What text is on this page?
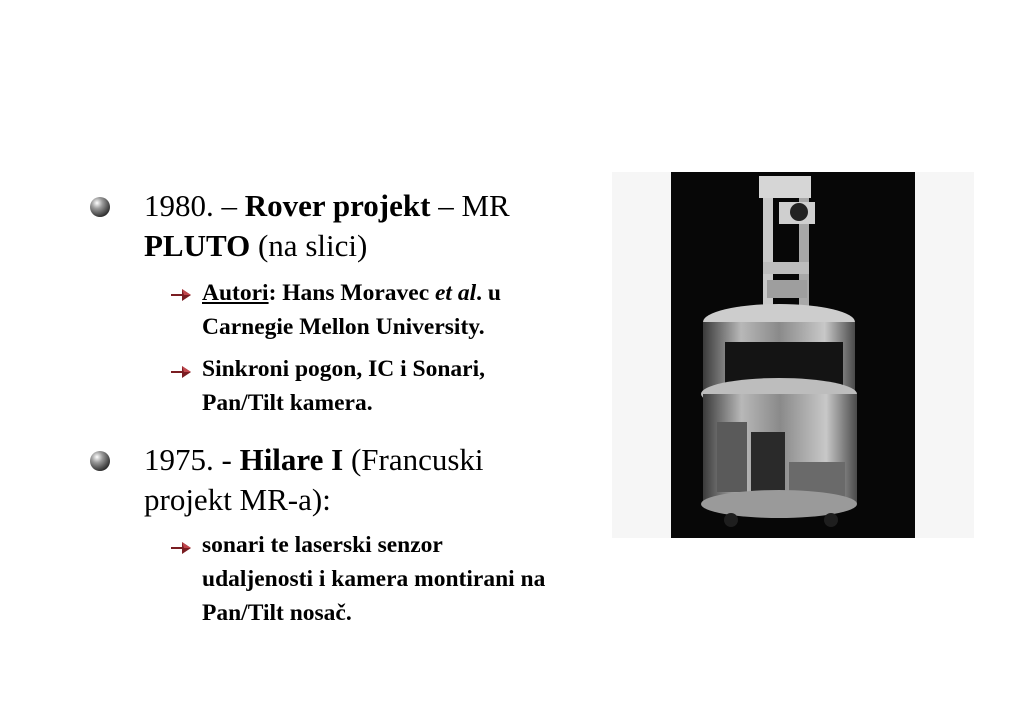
1980. – Rover projekt – MR
PLUTO (na slici)
Autori: Hans Moravec et al. u
Carnegie Mellon University.
Sinkroni pogon, IC i Sonari,
Pan/Tilt kamera.
1975. - Hilare I (Francuski
projekt MR-a):
sonari te laserski senzor
udaljenosti i kamera montirani na
Pan/Tilt nosač.
